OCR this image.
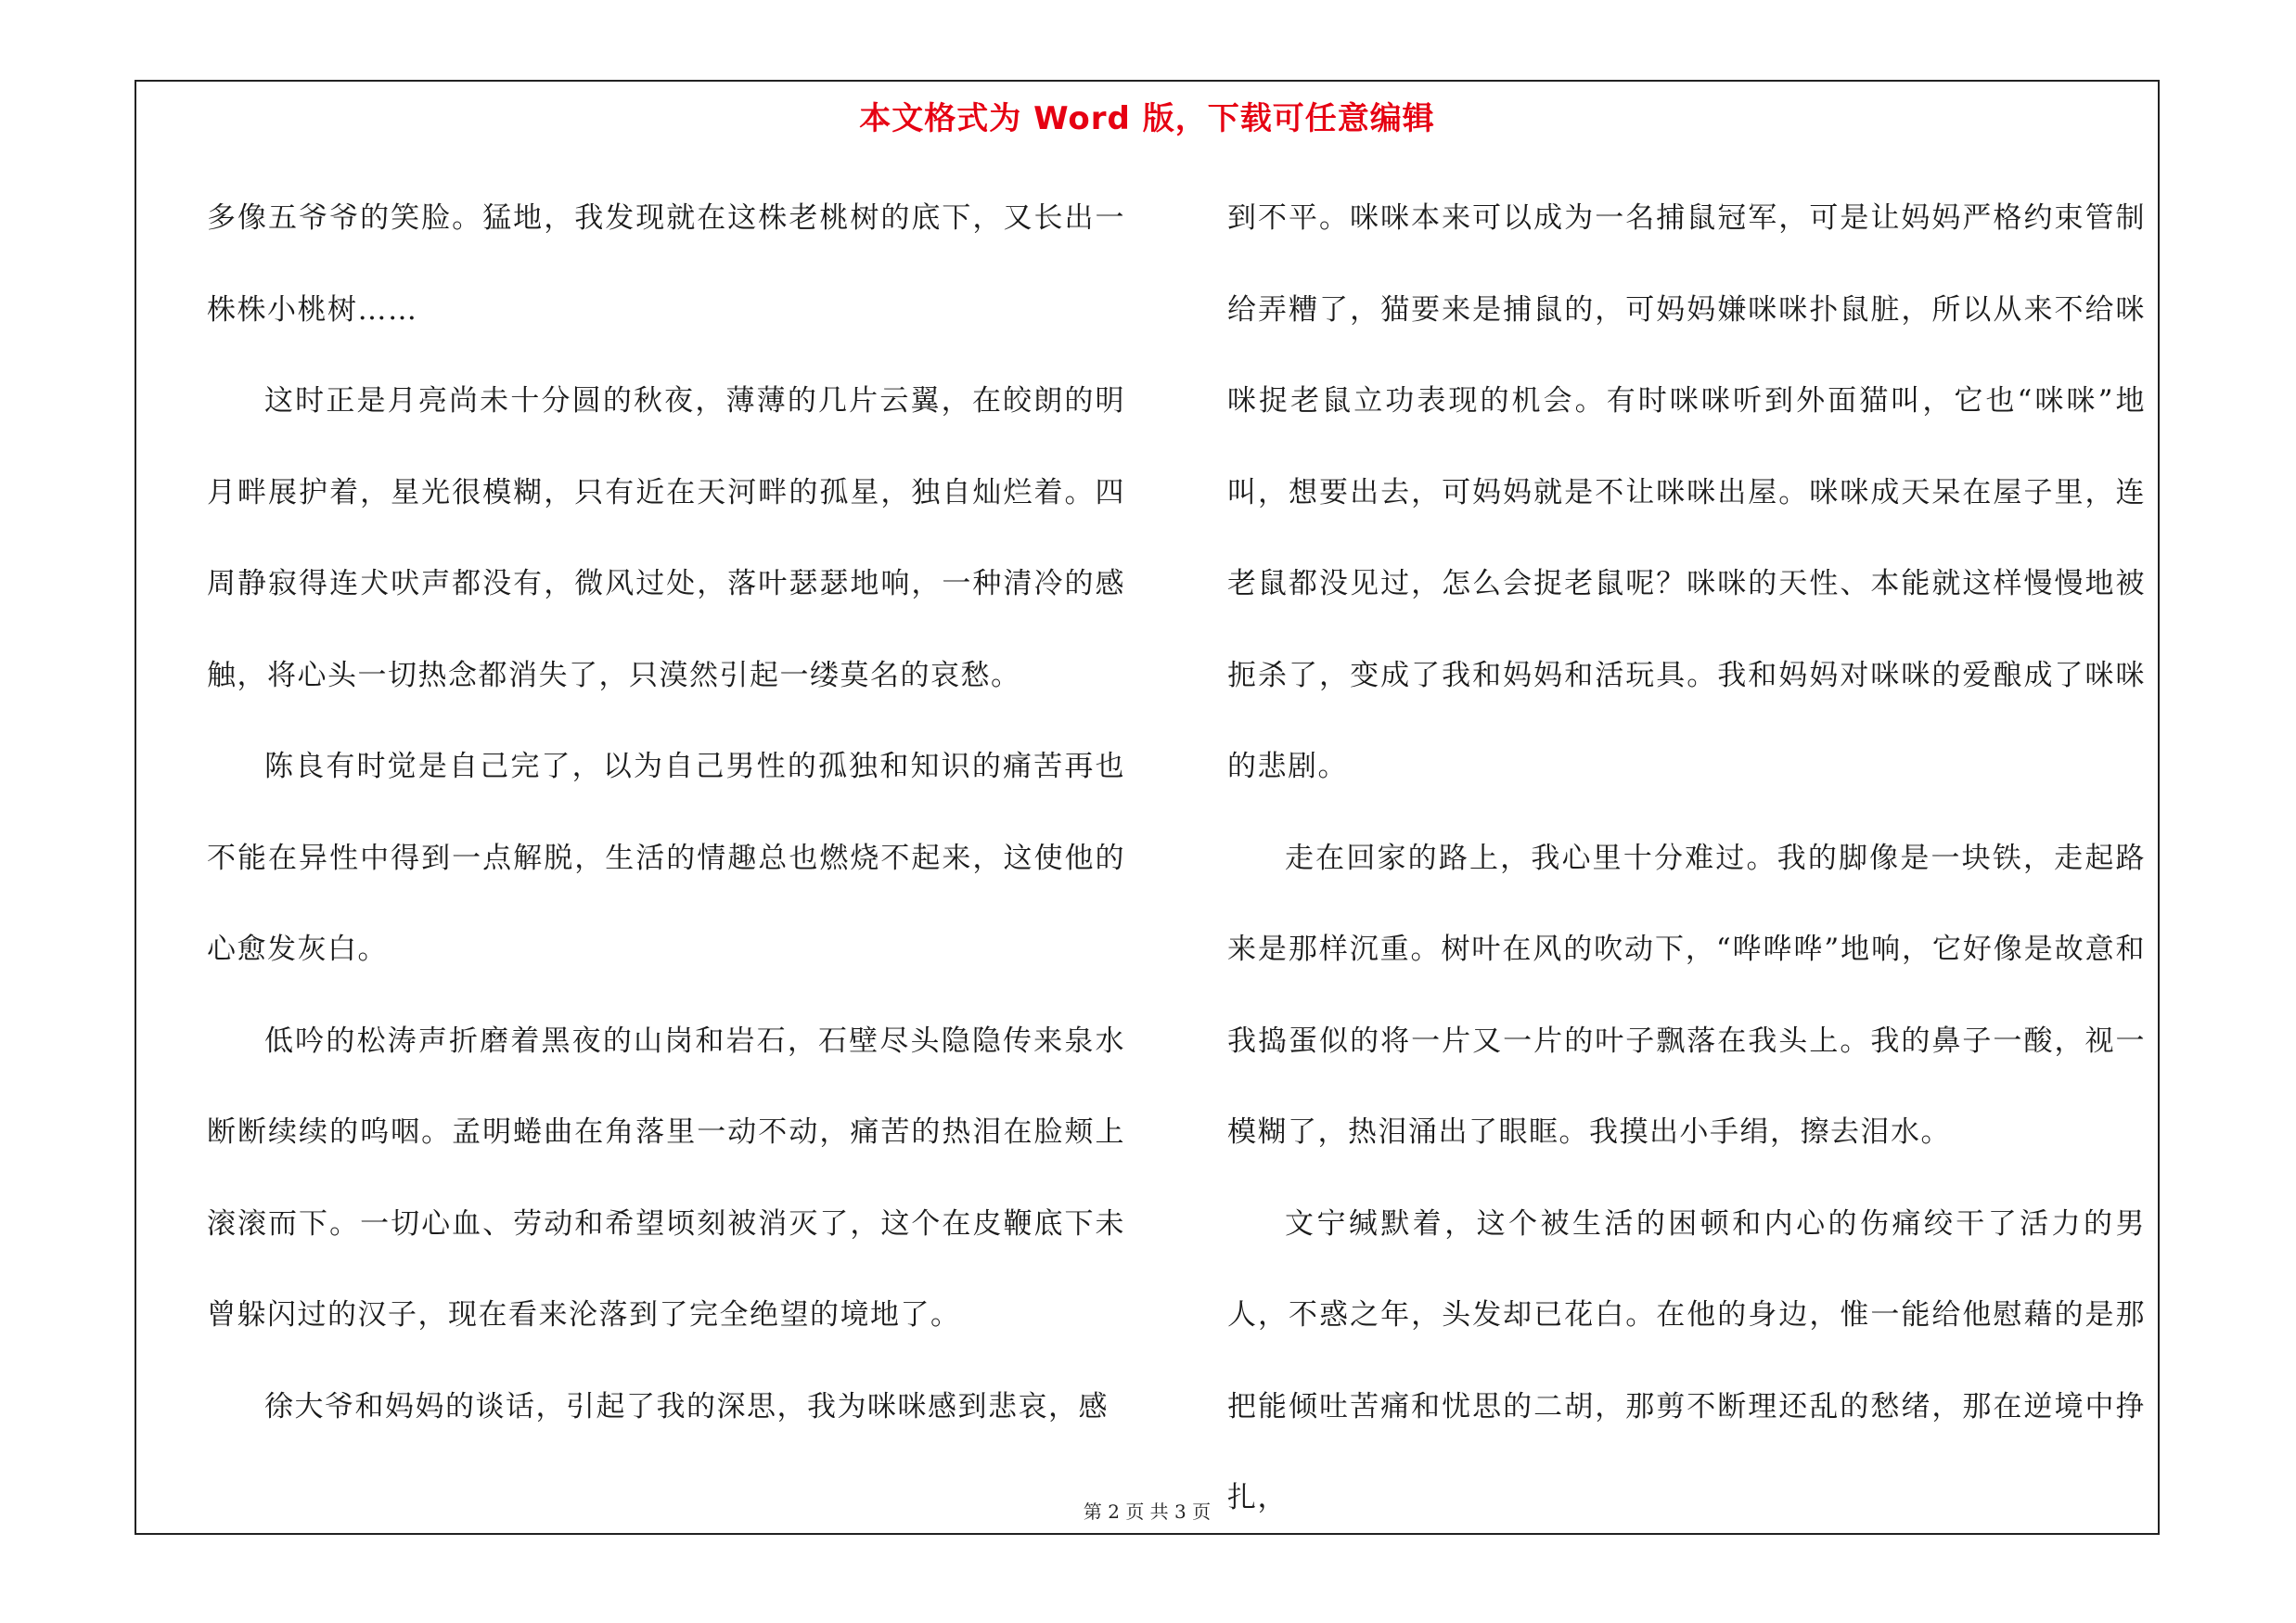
本文格式为 Word 版，下载可任意编辑

多像五爷爷的笑脸。猛地，我发现就在这株老桃树的底下，又长出一株株小桃树……

这时正是月亮尚未十分圆的秋夜，薄薄的几片云翼，在皎朗的明月畔展护着，星光很模糊，只有近在天河畔的孤星，独自灿烂着。四周静寂得连犬吠声都没有，微风过处，落叶瑟瑟地响，一种清冷的感触，将心头一切热念都消失了，只漠然引起一缕莫名的哀愁。

陈良有时觉是自己完了，以为自己男性的孤独和知识的痛苦再也不能在异性中得到一点解脱，生活的情趣总也燃烧不起来，这使他的心愈发灰白。

低吟的松涛声折磨着黑夜的山岗和岩石，石壁尽头隐隐传来泉水断断续续的呜咽。孟明蜷曲在角落里一动不动，痛苦的热泪在脸颊上滚滚而下。一切心血、劳动和希望顷刻被消灭了，这个在皮鞭底下未曾躲闪过的汉子，现在看来沦落到了完全绝望的境地了。

徐大爷和妈妈的谈话，引起了我的深思，我为咪咪感到悲哀，感

到不平。咪咪本来可以成为一名捕鼠冠军，可是让妈妈严格约束管制给弄糟了，猫要来是捕鼠的，可妈妈嫌咪咪扑鼠脏，所以从来不给咪咪捉老鼠立功表现的机会。有时咪咪听到外面猫叫，它也“咪咪”地叫，想要出去，可妈妈就是不让咪咪出屋。咪咪成天呆在屋子里，连老鼠都没见过，怎么会捉老鼠呢？咪咪的天性、本能就这样慢慢地被扼杀了，变成了我和妈妈和活玩具。我和妈妈对咪咪的爱酿成了咪咪的悲剧。

走在回家的路上，我心里十分难过。我的脚像是一块铁，走起路来是那样沉重。树叶在风的吹动下，“哗哗哗”地响，它好像是故意和我捣蛋似的将一片又一片的叶子飘落在我头上。我的鼻子一酸，视一模糊了，热泪涌出了眼眶。我摸出小手绢，擦去泪水。

文宁缄默着，这个被生活的困顿和内心的伤痛绞干了活力的男人，不惑之年，头发却已花白。在他的身边，惟一能给他慰藉的是那把能倾吐苦痛和忧思的二胡，那剪不断理还乱的愁绪，那在逆境中挣扎，

第 2 页 共 3 页
